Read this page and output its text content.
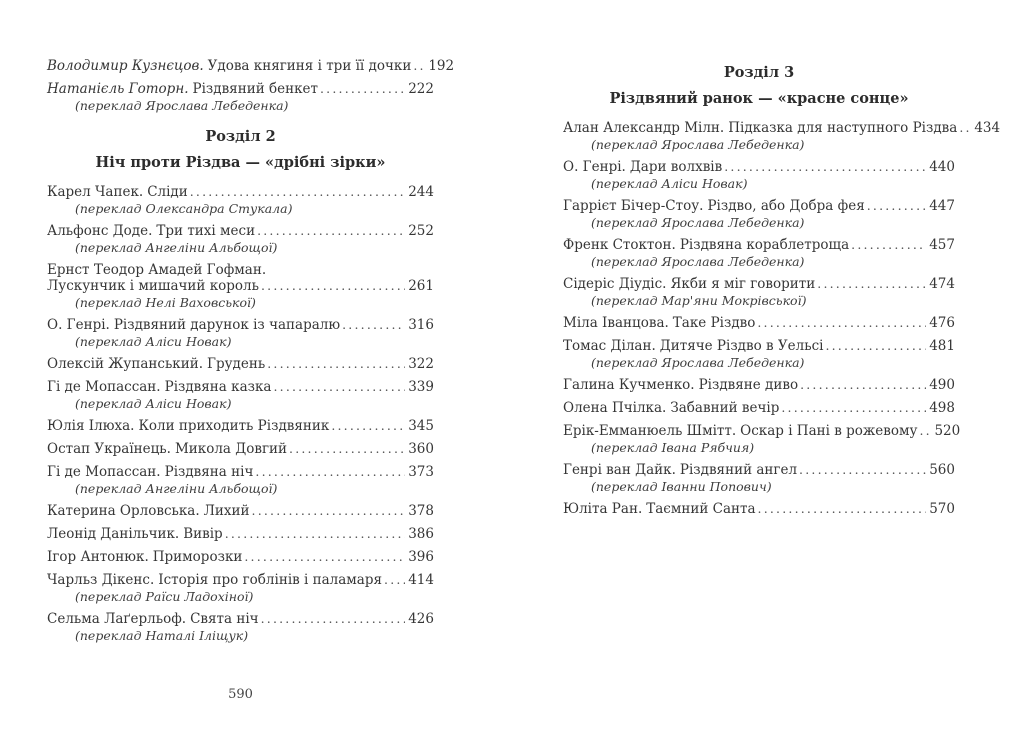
Володимир Кузнєцов. Удова княгиня і три її дочки ..... 192
Натанієль Готорн. Різдвяний бенкет .....	222
(переклад Ярослава Лебеденка)
Розділ 2
Ніч проти Різдва — «дрібні зірки»
Карел Чапек. Сліди .....	244
(переклад Олександра Стукала)
Альфонс Доде. Три тихі меси .....	252
(переклад Ангеліни Альбощої)
Ернст Теодор Амадей Гофман.
Лускунчик і мишачий король .....	261
(переклад Нелі Ваховської)
О. Генрі. Різдвяний дарунок із чапаралю .....	316
(переклад Аліси Новак)
Олексій Жупанський. Грудень .....	322
Гі де Мопассан. Різдвяна казка .....	339
(переклад Аліси Новак)
Юлія Ілюха. Коли приходить Різдвяник .....	345
Остап Українець. Микола Довгий .....	360
Гі де Мопассан. Різдвяна ніч .....	373
(переклад Ангеліни Альбощої)
Катерина Орловська. Лихий .....	378
Леонід Данільчик. Вивір .....	386
Ігор Антонюк. Приморозки .....	396
Чарльз Дікенс. Історія про гоблінів і паламаря ..... 414
(переклад Раїси Ладохіної)
Сельма Лаґерльоф. Свята ніч .....	426
(переклад Наталі Іліщук)
Розділ 3
Різдвяний ранок — «красне сонце»
Алан Александр Мілн. Підказка для наступного Різдва ..... 434
(переклад Ярослава Лебеденка)
О. Генрі. Дари волхвів .....	440
(переклад Аліси Новак)
Гаррієт Бічер-Стоу. Різдво, або Добра фея .....	447
(переклад Ярослава Лебеденка)
Френк Стоктон. Різдвяна кораблетроща .....	457
(переклад Ярослава Лебеденка)
Сідеріс Діудіс. Якби я міг говорити .....	474
(переклад Мар'яни Мокрівської)
Міла Іванцова. Таке Різдво .....	476
Томас Ділан. Дитяче Різдво в Уельсі .....	481
(переклад Ярослава Лебеденка)
Галина Кучменко. Різдвяне диво .....	490
Олена Пчілка. Забавний вечір .....	498
Ерік-Емманюель Шмітт. Оскар і Пані в рожевому ..... 520
(переклад Івана Рябчия)
Генрі ван Дайк. Різдвяний ангел .....	560
(переклад Іванни Попович)
Юліта Ран. Таємний Санта .....	570
590
